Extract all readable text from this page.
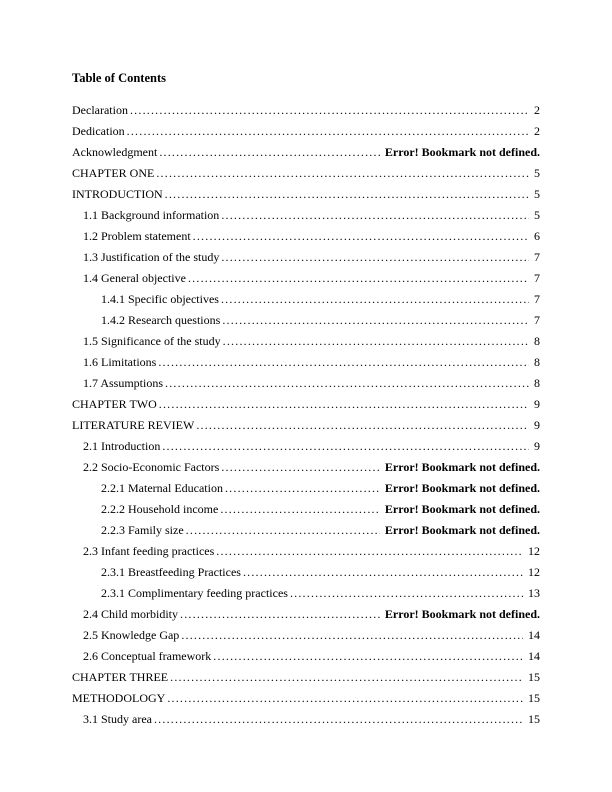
Table of Contents
Declaration .....	2
Dedication .....	2
Acknowledgment .....	Error! Bookmark not defined.
CHAPTER ONE .....	5
INTRODUCTION .....	5
1.1 Background information .....	5
1.2 Problem statement .....	6
1.3 Justification of the study .....	7
1.4 General objective .....	7
1.4.1 Specific objectives .....	7
1.4.2 Research questions .....	7
1.5 Significance of the study .....	8
1.6 Limitations .....	8
1.7 Assumptions .....	8
CHAPTER TWO .....	9
LITERATURE REVIEW .....	9
2.1 Introduction .....	9
2.2 Socio-Economic Factors .....	Error! Bookmark not defined.
2.2.1 Maternal Education .....	Error! Bookmark not defined.
2.2.2 Household income .....	Error! Bookmark not defined.
2.2.3 Family size .....	Error! Bookmark not defined.
2.3 Infant feeding practices .....	12
2.3.1 Breastfeeding Practices .....	12
2.3.1 Complimentary feeding practices .....	13
2.4 Child morbidity .....	Error! Bookmark not defined.
2.5 Knowledge Gap .....	14
2.6 Conceptual framework .....	14
CHAPTER THREE .....	15
METHODOLOGY .....	15
3.1 Study area .....	15
